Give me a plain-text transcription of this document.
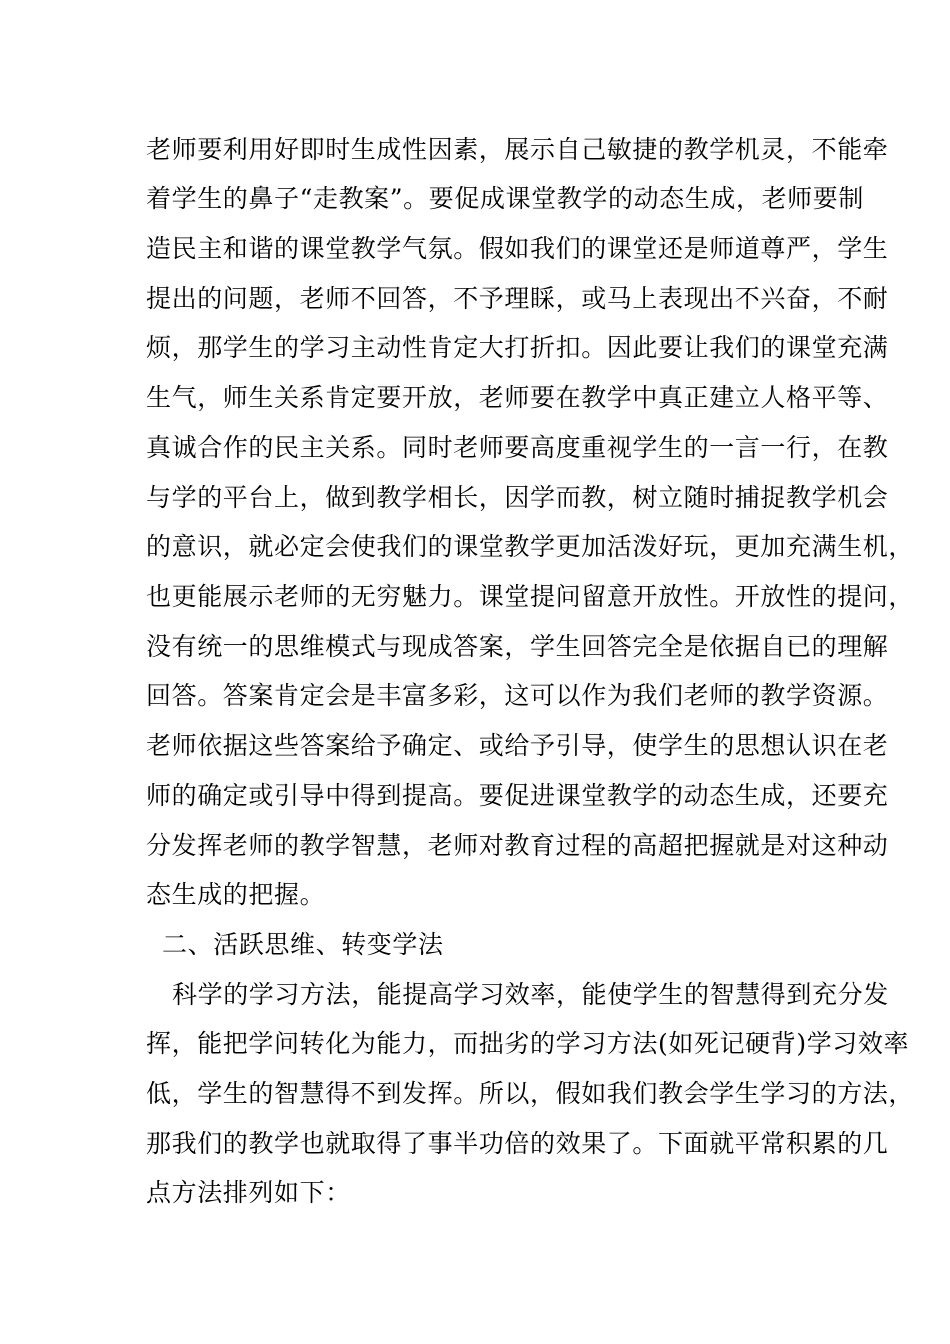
老师要利用好即时生成性因素，展示自己敏捷的教学机灵，不能牵
着学生的鼻子“走教案”。要促成课堂教学的动态生成，老师要制
造民主和谐的课堂教学气氛。假如我们的课堂还是师道尊严，学生
提出的问题，老师不回答，不予理睬，或马上表现出不兴奋，不耐
烦，那学生的学习主动性肯定大打折扣。因此要让我们的课堂充满
生气，师生关系肯定要开放，老师要在教学中真正建立人格平等、
真诚合作的民主关系。同时老师要高度重视学生的一言一行，在教
与学的平台上，做到教学相长，因学而教，树立随时捕捉教学机会
的意识，就必定会使我们的课堂教学更加活泼好玩，更加充满生机，
也更能展示老师的无穷魅力。课堂提问留意开放性。开放性的提问，
没有统一的思维模式与现成答案，学生回答完全是依据自已的理解
回答。答案肯定会是丰富多彩，这可以作为我们老师的教学资源。
老师依据这些答案给予确定、或给予引导，使学生的思想认识在老
师的确定或引导中得到提高。要促进课堂教学的动态生成，还要充
分发挥老师的教学智慧，老师对教育过程的高超把握就是对这种动
态生成的把握。
二、活跃思维、转变学法
科学的学习方法，能提高学习效率，能使学生的智慧得到充分发
挥，能把学问转化为能力，而拙劣的学习方法(如死记硬背)学习效率
低，学生的智慧得不到发挥。所以，假如我们教会学生学习的方法，
那我们的教学也就取得了事半功倍的效果了。下面就平常积累的几
点方法排列如下：
